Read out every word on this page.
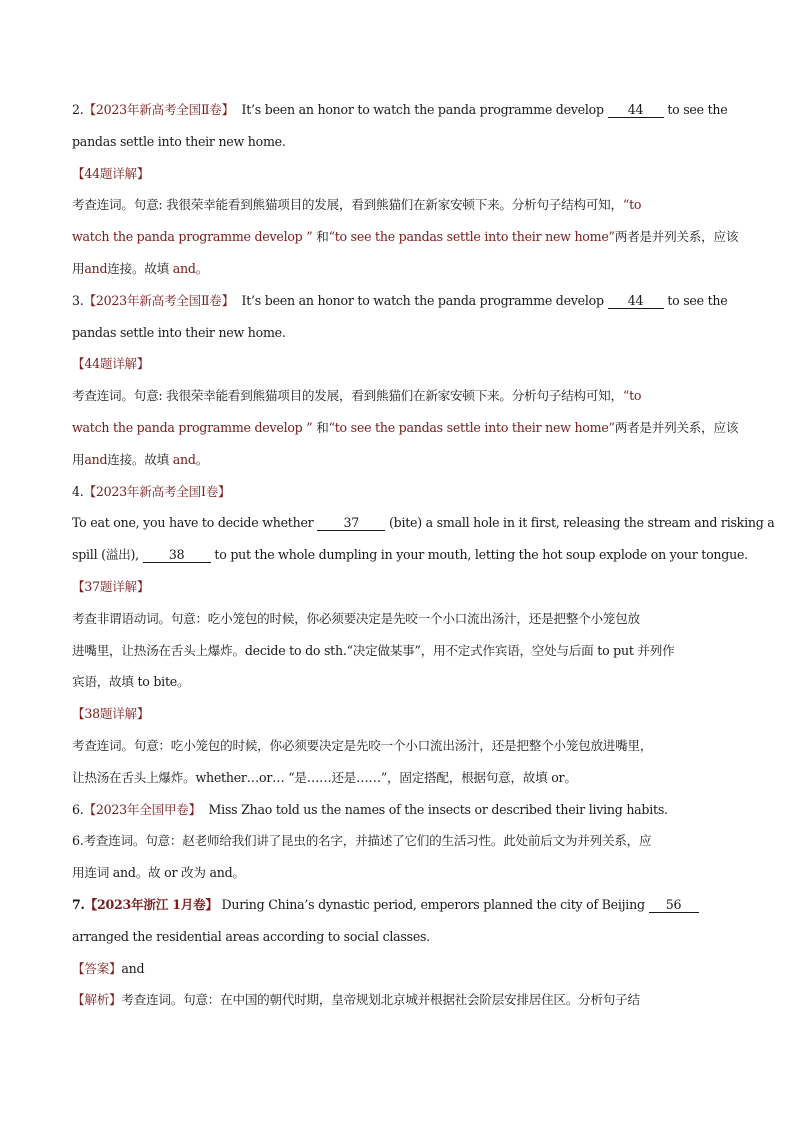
2.【2023年新高考全国Ⅱ卷】 It’s been an honor to watch the panda programme develop 44 to see the
pandas settle into their new home.
【44题详解】
考查连词。句意: 我很荣幸能看到熊猫项目的发展，看到熊猫们在新家安顿下来。分析句子结构可知，“to
watch the panda programme develop ” 和“to see the pandas settle into their new home”两者是并列关系，应该
用and连接。故填 and。
3.【2023年新高考全国Ⅱ卷】 It’s been an honor to watch the panda programme develop 44 to see the
pandas settle into their new home.
【44题详解】
考查连词。句意: 我很荣幸能看到熊猫项目的发展，看到熊猫们在新家安顿下来。分析句子结构可知，“to
watch the panda programme develop ” 和“to see the pandas settle into their new home”两者是并列关系，应该
用and连接。故填 and。
4.【2023年新高考全国Ⅰ卷】
To eat one, you have to decide whether 37 (bite) a small hole in it first, releasing the stream and risking a
spill (溢出), 38 to put the whole dumpling in your mouth, letting the hot soup explode on your tongue.
【37题详解】
考查非谓语动词。句意：吃小笼包的时候，你必须要决定是先咬一个小口流出汤汁，还是把整个小笼包放
进嘴里，让热汤在舌头上爆炸。decide to do sth.“决定做某事”，用不定式作宾语，空处与后面 to put 并列作
宾语，故填 to bite。
【38题详解】
考查连词。句意：吃小笼包的时候，你必须要决定是先咬一个小口流出汤汁，还是把整个小笼包放进嘴里，
让热汤在舌头上爆炸。whether…or… “是……还是……”，固定搭配，根据句意，故填 or。
6.【2023年全国甲卷】 Miss Zhao told us the names of the insects or described their living habits.
6.考查连词。句意：赵老师给我们讲了昆虫的名字，并描述了它们的生活习性。此处前后文为并列关系，应
用连词 and。故 or 改为 and。
7.【2023年浙江 1月卷】 During China’s dynastic period, emperors planned the city of Beijing 56
arranged the residential areas according to social classes.
【答案】and
【解析】考查连词。句意：在中国的朝代时期，皇帝规划北京城并根据社会阶层安排居住区。分析句子结
